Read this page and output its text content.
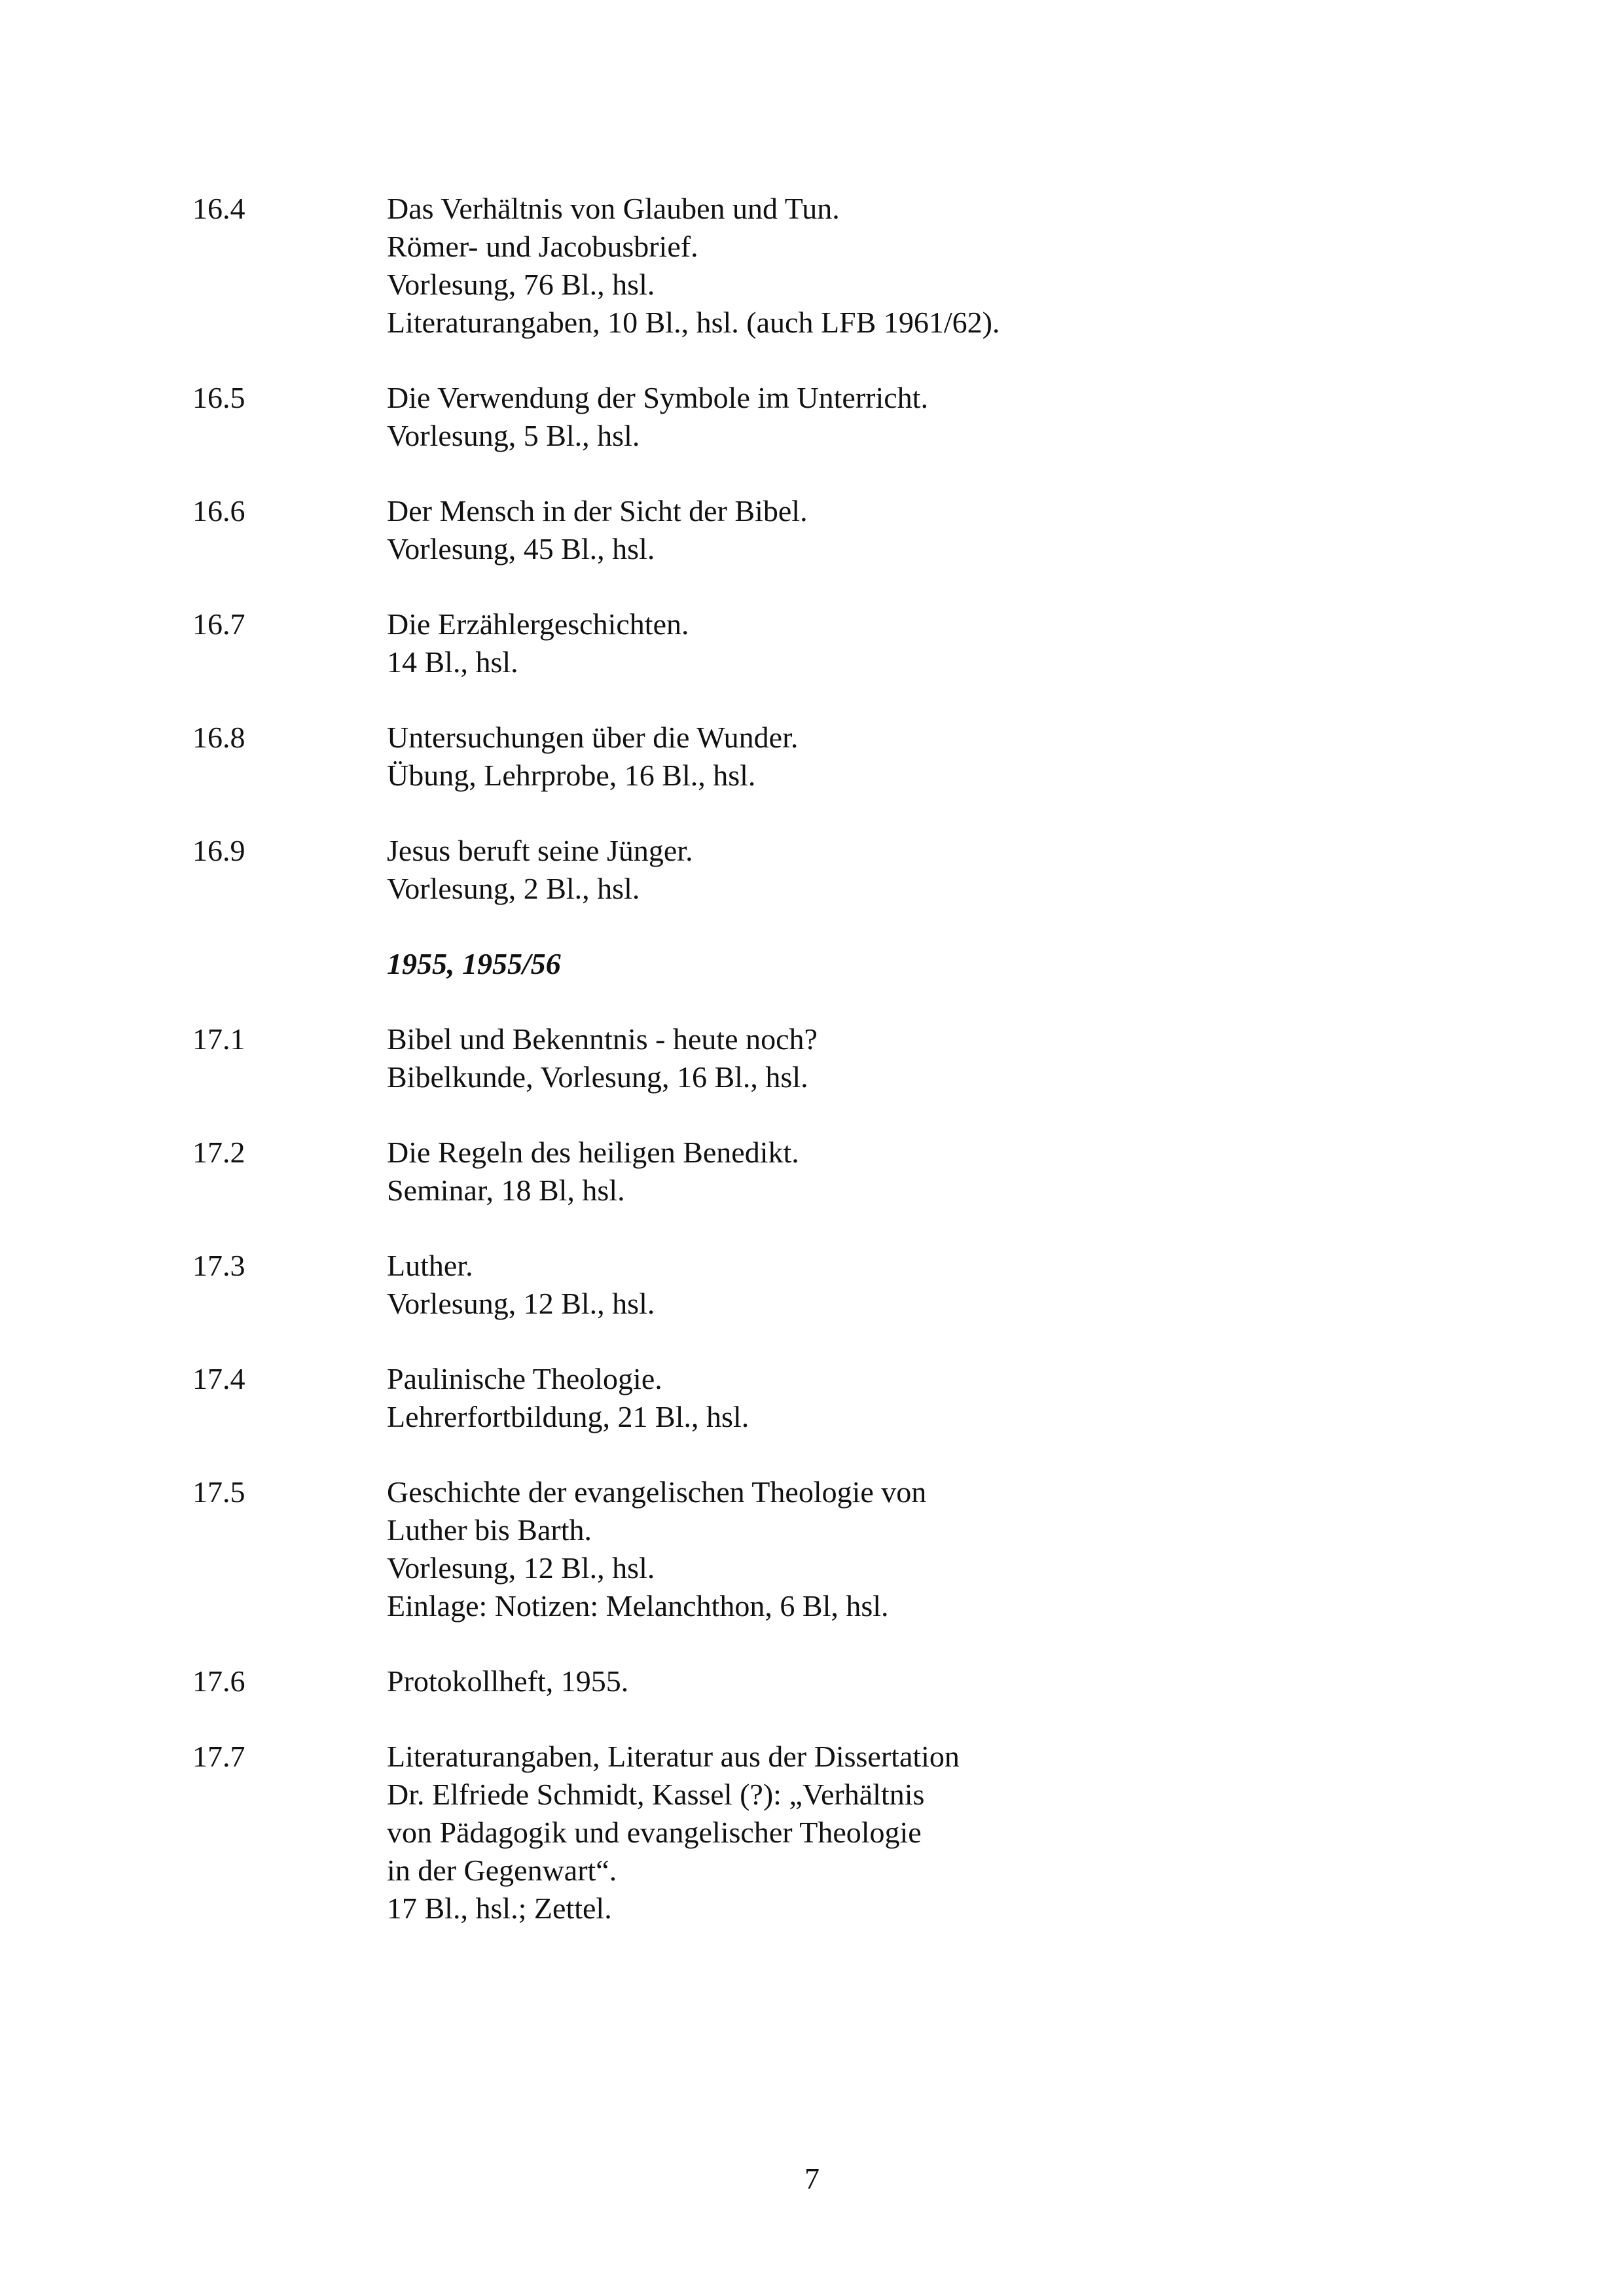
16.4	Das Verhältnis von Glauben und Tun.
Römer- und Jacobusbrief.
Vorlesung, 76 Bl., hsl.
Literaturangaben, 10 Bl., hsl. (auch LFB 1961/62).
16.5	Die Verwendung der Symbole im Unterricht.
Vorlesung, 5 Bl., hsl.
16.6	Der Mensch in der Sicht der Bibel.
Vorlesung, 45 Bl., hsl.
16.7	Die Erzählergeschichten.
14 Bl., hsl.
16.8	Untersuchungen über die Wunder.
Übung, Lehrprobe, 16 Bl., hsl.
16.9	Jesus beruft seine Jünger.
Vorlesung, 2 Bl., hsl.
1955, 1955/56
17.1	Bibel und Bekenntnis - heute noch?
Bibelkunde, Vorlesung, 16 Bl., hsl.
17.2	Die Regeln des heiligen Benedikt.
Seminar, 18 Bl, hsl.
17.3	Luther.
Vorlesung, 12 Bl., hsl.
17.4	Paulinische Theologie.
Lehrerfortbildung, 21 Bl., hsl.
17.5	Geschichte der evangelischen Theologie von
Luther bis Barth.
Vorlesung, 12 Bl., hsl.
Einlage: Notizen: Melanchthon, 6 Bl, hsl.
17.6	Protokollheft, 1955.
17.7	Literaturangaben, Literatur aus der Dissertation
Dr. Elfriede Schmidt, Kassel (?): „Verhältnis
von Pädagogik und evangelischer Theologie
in der Gegenwart“.
17 Bl., hsl.; Zettel.
7
